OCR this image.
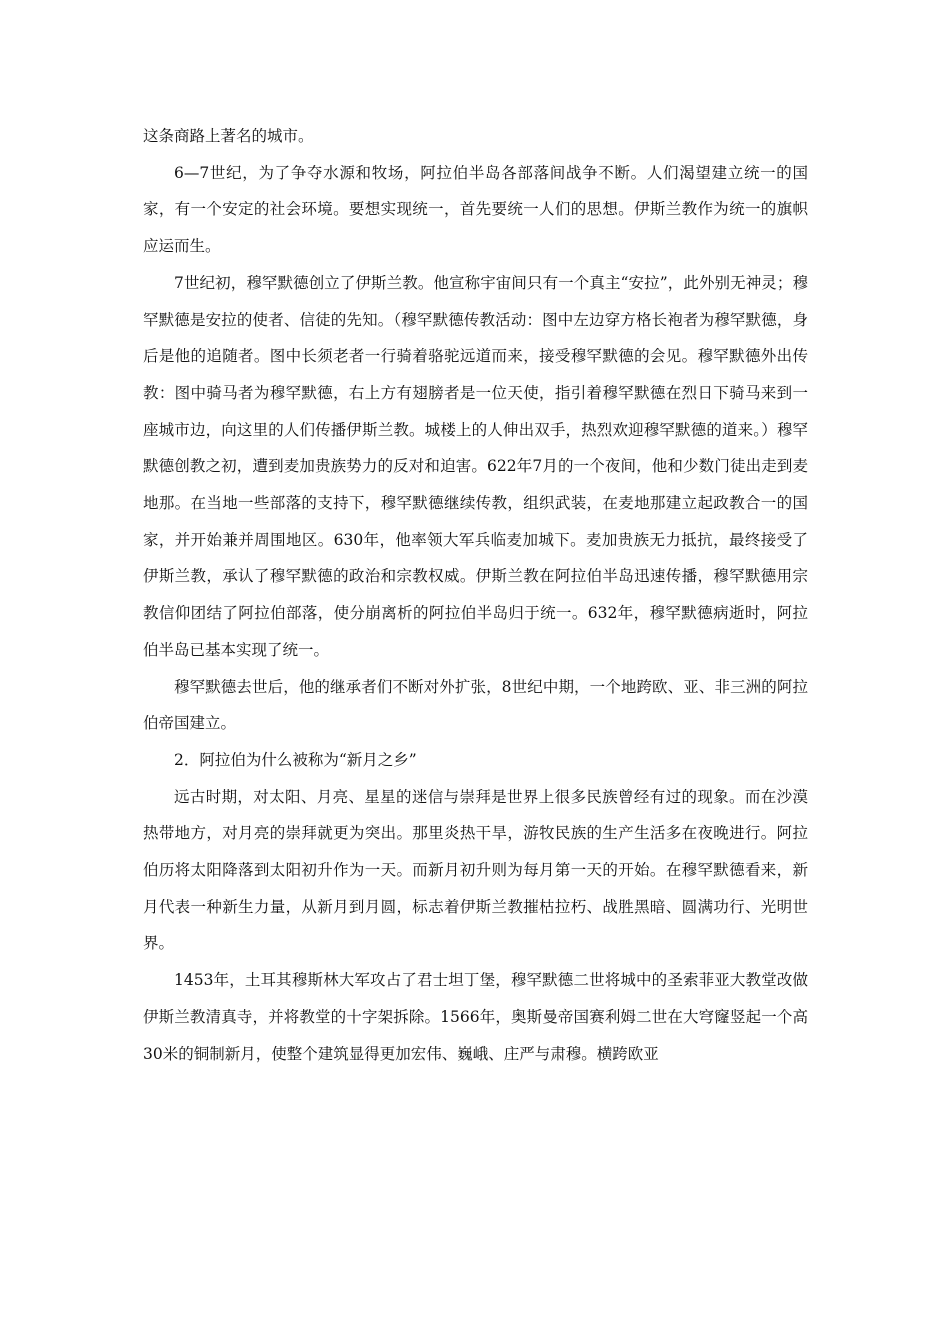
这条商路上著名的城市。

6—7世纪，为了争夺水源和牧场，阿拉伯半岛各部落间战争不断。人们渴望建立统一的国家，有一个安定的社会环境。要想实现统一，首先要统一人们的思想。伊斯兰教作为统一的旗帜应运而生。

7世纪初，穆罕默德创立了伊斯兰教。他宣称宇宙间只有一个真主“安拉”，此外别无神灵；穆罕默德是安拉的使者、信徒的先知。（穆罕默德传教活动：图中左边穿方格长袍者为穆罕默德，身后是他的追随者。图中长须老者一行骑着骆驼远道而来，接受穆罕默德的会见。穆罕默德外出传教：图中骑马者为穆罕默德，右上方有翅膀者是一位天使，指引着穆罕默德在烈日下骑马来到一座城市边，向这里的人们传播伊斯兰教。城楼上的人伸出双手，热烈欢迎穆罕默德的道来。）穆罕默德创教之初，遭到麦加贵族势力的反对和迫害。622年7月的一个夜间，他和少数门徒出走到麦地那。在当地一些部落的支持下，穆罕默德继续传教，组织武装，在麦地那建立起政教合一的国家，并开始兼并周围地区。630年，他率领大军兵临麦加城下。麦加贵族无力抵抗，最终接受了伊斯兰教，承认了穆罕默德的政治和宗教权威。伊斯兰教在阿拉伯半岛迅速传播，穆罕默德用宗教信仰团结了阿拉伯部落，使分崩离析的阿拉伯半岛归于统一。632年，穆罕默德病逝时，阿拉伯半岛已基本实现了统一。

穆罕默德去世后，他的继承者们不断对外扩张，8世纪中期，一个地跨欧、亚、非三洲的阿拉伯帝国建立。

2．阿拉伯为什么被称为“新月之乡”

远古时期，对太阳、月亮、星星的迷信与崇拜是世界上很多民族曾经有过的现象。而在沙漠热带地方，对月亮的崇拜就更为突出。那里炎热干旱，游牧民族的生产生活多在夜晚进行。阿拉伯历将太阳降落到太阳初升作为一天。而新月初升则为每月第一天的开始。在穆罕默德看来，新月代表一种新生力量，从新月到月圆，标志着伊斯兰教摧枯拉朽、战胜黑暗、圆满功行、光明世界。

1453年，土耳其穆斯林大军攻占了君士坦丁堡，穆罕默德二世将城中的圣索菲亚大教堂改做伊斯兰教清真寺，并将教堂的十字架拆除。1566年，奥斯曼帝国赛利姆二世在大穹窿竖起一个高30米的铜制新月，使整个建筑显得更加宏伟、巍峨、庄严与肃穆。横跨欧亚
